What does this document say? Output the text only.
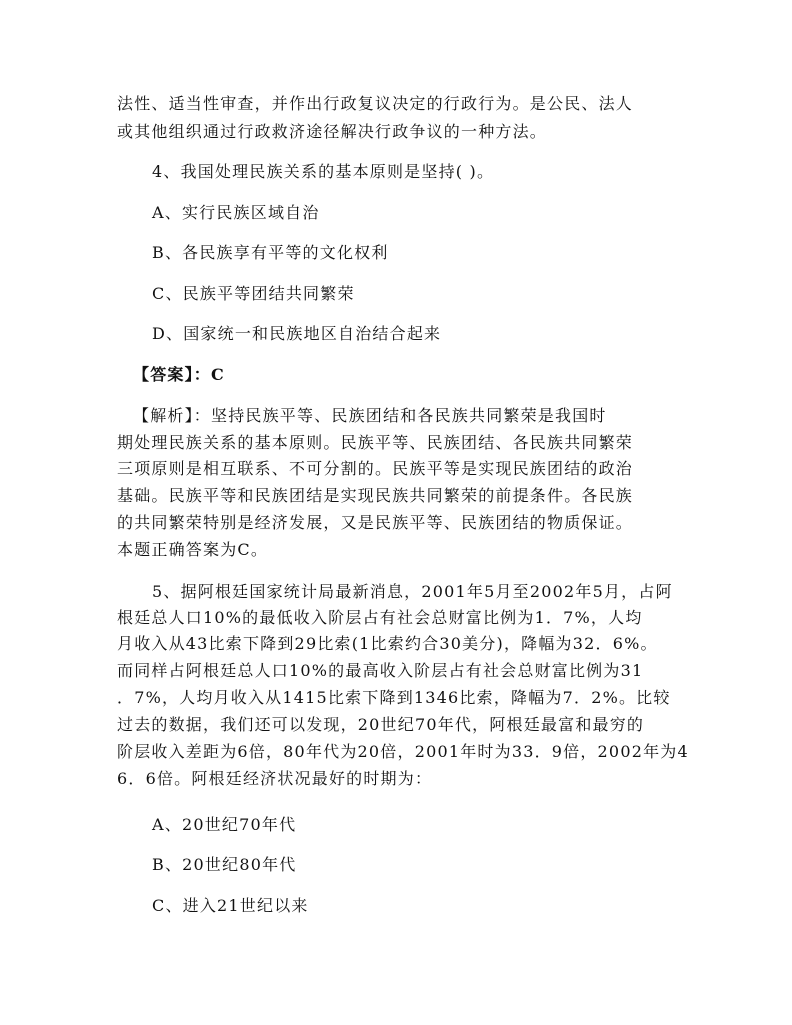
法性、适当性审查，并作出行政复议决定的行政行为。是公民、法人
或其他组织通过行政救济途径解决行政争议的一种方法。
4、我国处理民族关系的基本原则是坚持( )。
A、实行民族区域自治
B、各民族享有平等的文化权利
C、民族平等团结共同繁荣
D、国家统一和民族地区自治结合起来
【答案】：C
【解析】：坚持民族平等、民族团结和各民族共同繁荣是我国时
期处理民族关系的基本原则。民族平等、民族团结、各民族共同繁荣
三项原则是相互联系、不可分割的。民族平等是实现民族团结的政治
基础。民族平等和民族团结是实现民族共同繁荣的前提条件。各民族
的共同繁荣特别是经济发展，又是民族平等、民族团结的物质保证。
本题正确答案为C。
5、据阿根廷国家统计局最新消息，2001年5月至2002年5月，占阿
根廷总人口10%的最低收入阶层占有社会总财富比例为1．7%，人均
月收入从43比索下降到29比索(1比索约合30美分)，降幅为32．6%。
而同样占阿根廷总人口10%的最高收入阶层占有社会总财富比例为31
．7%，人均月收入从1415比索下降到1346比索，降幅为7．2%。比较
过去的数据，我们还可以发现，20世纪70年代，阿根廷最富和最穷的
阶层收入差距为6倍，80年代为20倍，2001年时为33．9倍，2002年为4
6．6倍。阿根廷经济状况最好的时期为：
A、20世纪70年代
B、20世纪80年代
C、进入21世纪以来
